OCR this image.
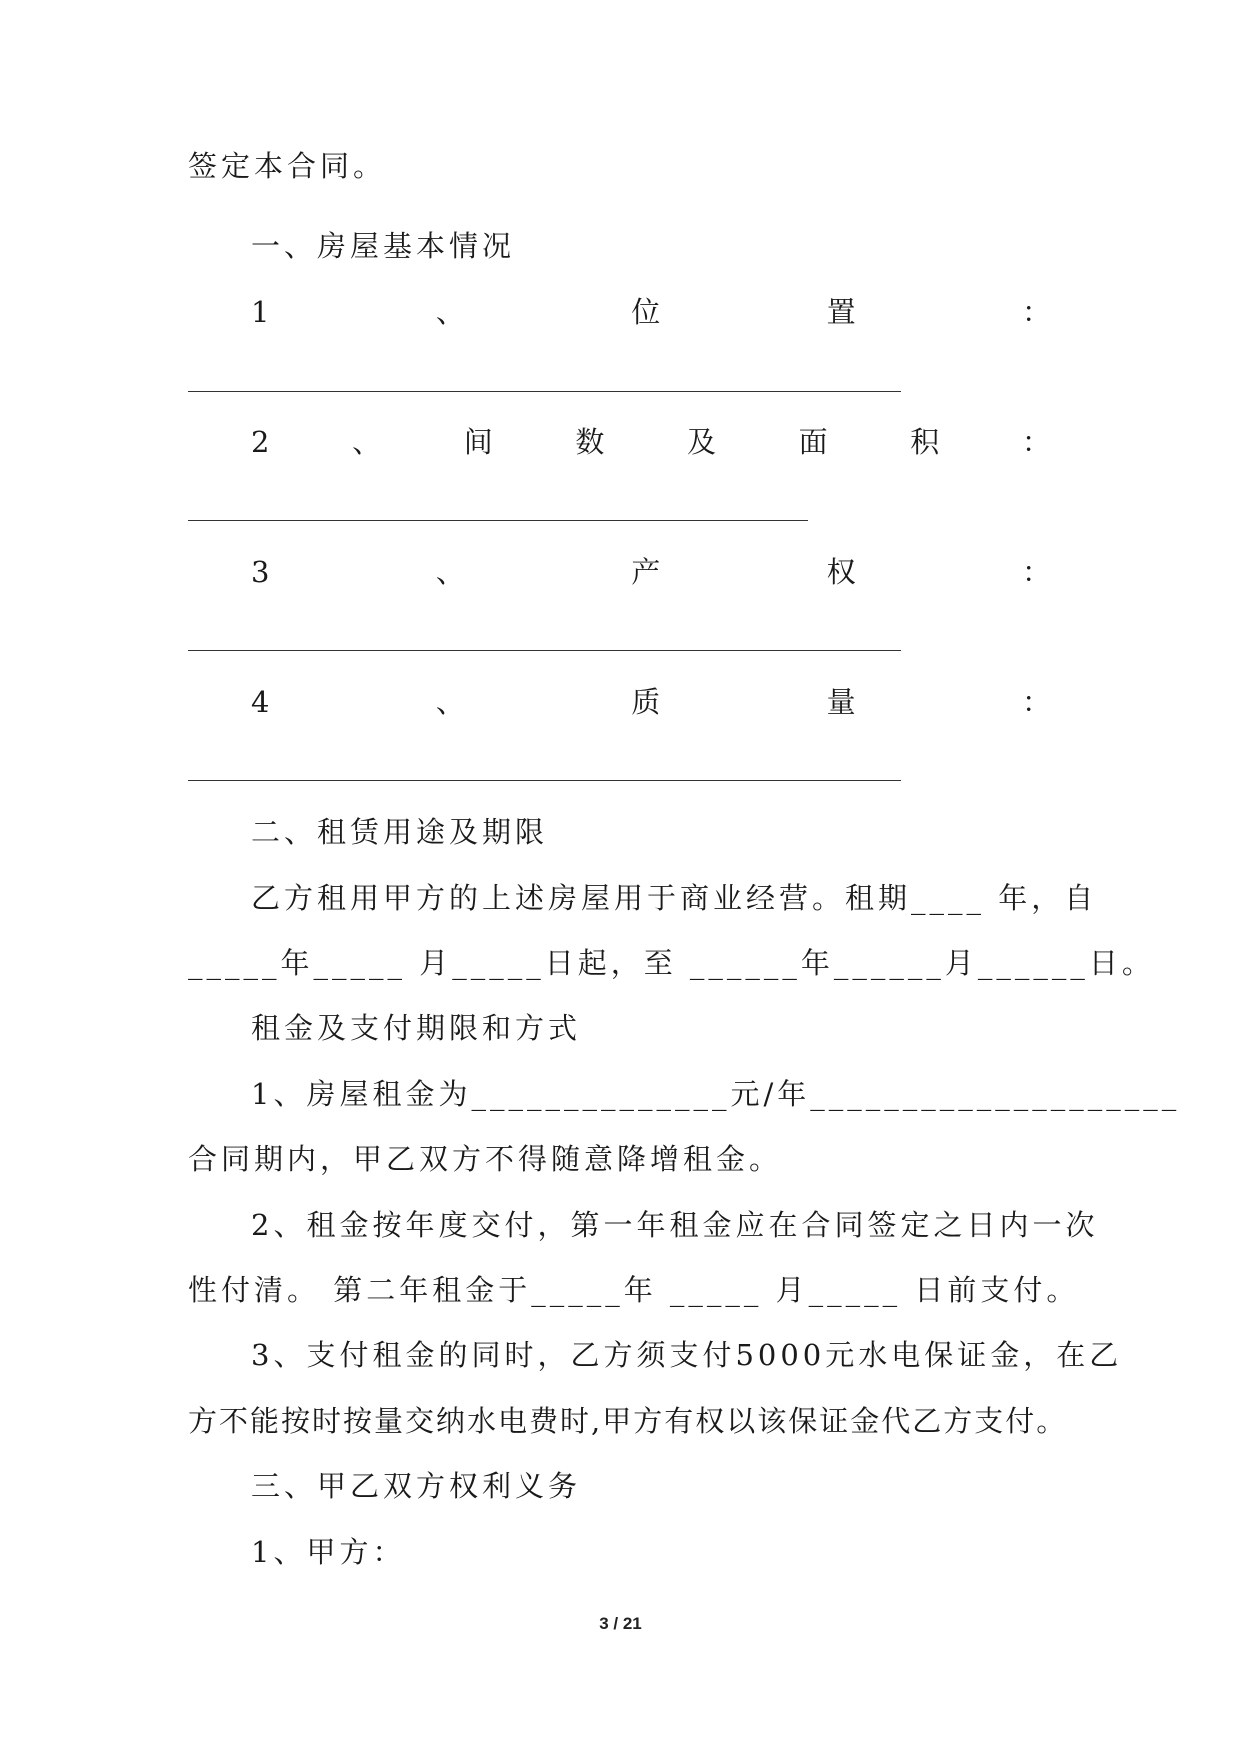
签定本合同。
一、房屋基本情况
1	、	位	置	：
2	、	间	数	及	面	积	：
3	、	产	权	：
4	、	质	量	：
二、租赁用途及期限
乙方租用甲方的上述房屋用于商业经营。租期____ 年，自
_____年_____ 月_____日起，至 ______年______月______日。
租金及支付期限和方式
1、房屋租金为______________元/年____________________
合同期内，甲乙双方不得随意降增租金。
2、租金按年度交付，第一年租金应在合同签定之日内一次
性付清。 第二年租金于_____年 _____ 月_____ 日前支付。
3、支付租金的同时，乙方须支付5000元水电保证金，在乙
方不能按时按量交纳水电费时,甲方有权以该保证金代乙方支付。
三、甲乙双方权利义务
1、甲方：
3 / 21
